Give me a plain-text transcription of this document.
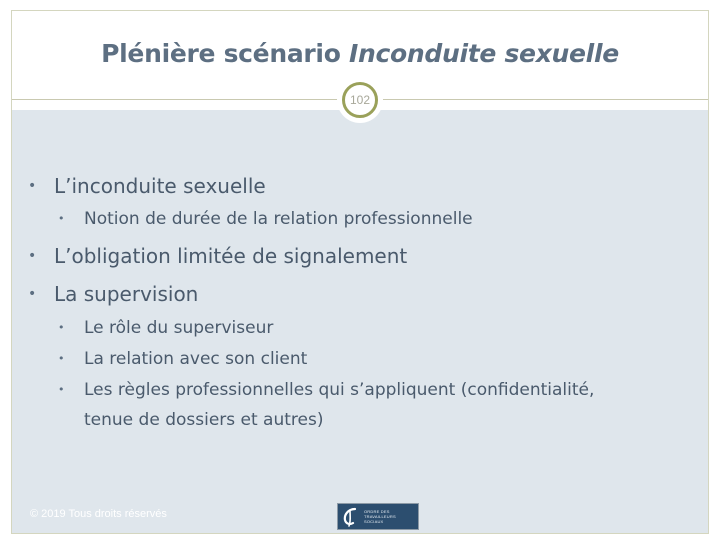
Plénière scénario Inconduite sexuelle
102
• L’inconduite sexuelle
•	Notion de durée de la relation professionnelle
• L’obligation limitée de signalement
• La supervision
•	Le rôle du superviseur
•	La relation avec son client
•	Les règles professionnelles qui s’appliquent (confidentialité,
tenue de dossiers et autres)
© 2019 Tous droits réservés	ORDRE DES
TRAVAILLEURS
SOCIAUX
